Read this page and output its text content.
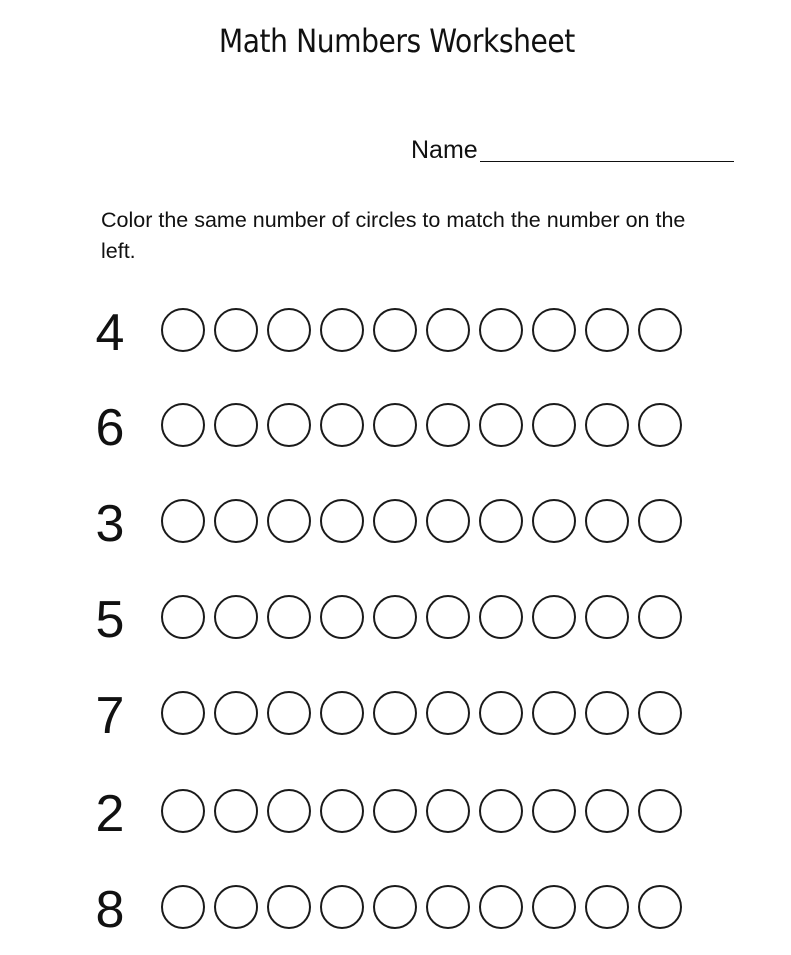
Math Numbers Worksheet
Name
Color the same number of circles to match the number on the left.
4
6
3
5
7
2
8
